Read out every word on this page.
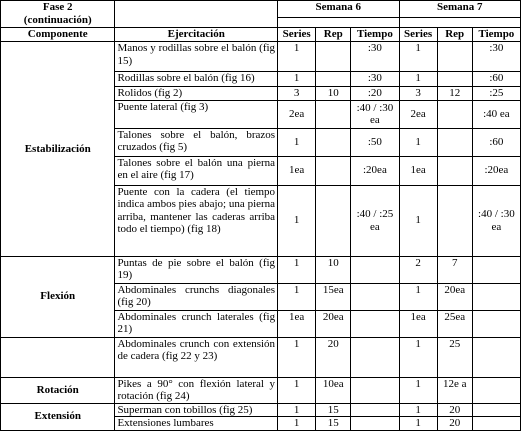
Fase 2
(continuación)		Semana 6			Semana 7		

Componente	Ejercitación	Series	Rep	Tiempo	Series	Rep	Tiempo
Estabilización	Manos y rodillas sobre el balón (fig 15)	1		:30	1		:30
	Rodillas sobre el balón (fig 16)	1		:30	1		:60
	Rolidos (fig 2)	3	10	:20	3	12	:25
	Puente lateral (fig 3)	2ea		:40 / :30 ea	2ea		:40 ea
	Talones sobre el balón, brazos cruzados (fig 5)	1		:50	1		:60
	Talones sobre el balón una pierna en el aire (fig 17)	1ea		:20ea	1ea		:20ea
	Puente con la cadera (el tiempo indica ambos pies abajo; una pierna arriba, mantener las caderas arriba todo el tiempo) (fig 18)	1		:40 / :25 ea	1		:40 / :30 ea
Flexión	Puntas de pie sobre el balón (fig 19)	1	10		2	7	
	Abdominales crunchs diagonales (fig 20)	1	15ea		1	20ea	
	Abdominales crunch laterales (fig 21)	1ea	20ea		1ea	25ea	
	Abdominales crunch con extensión de cadera (fig 22 y 23)	1	20		1	25	
Rotación	Pikes a 90° con flexión lateral y rotación (fig 24)	1	10ea		1	12e a	
Extensión	Superman con tobillos (fig 25)	1	15		1	20	
	Extensiones lumbares	1	15		1	20	
